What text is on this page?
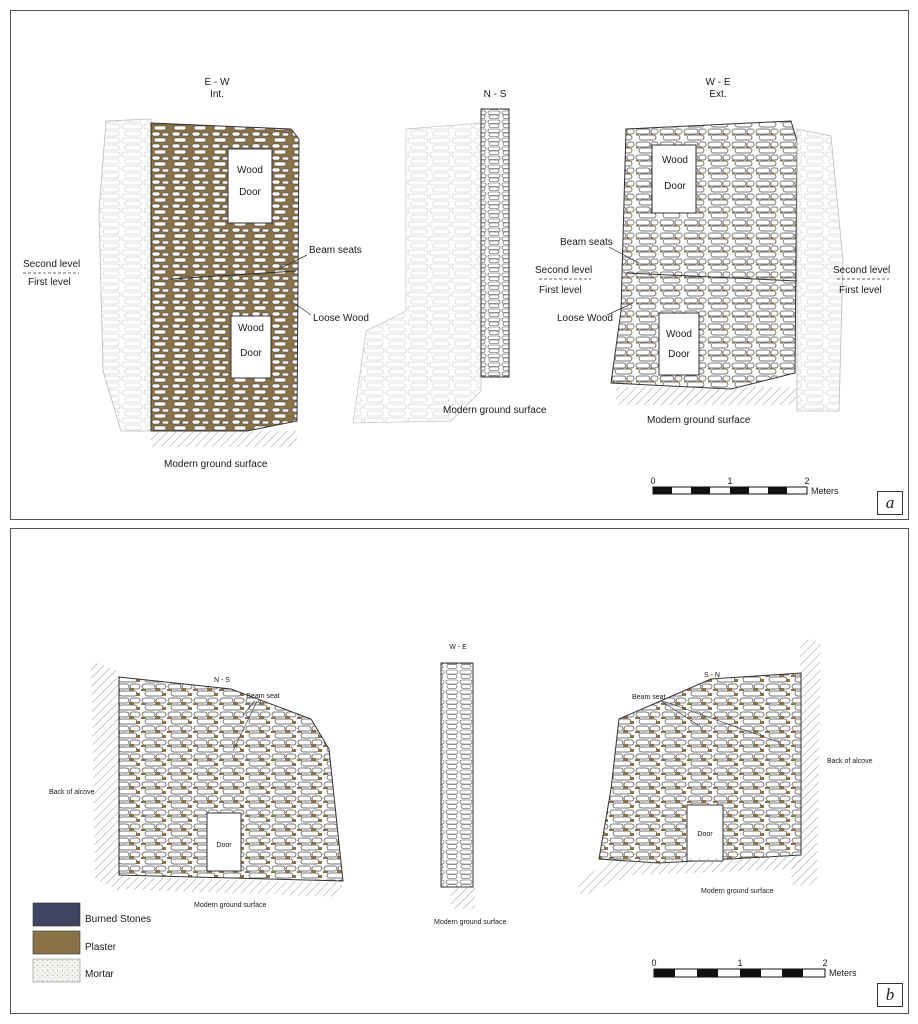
E - W
Int.	N - S
W - E
Ext.
Wood
Door
Wood
Door
Beam seats
Loose Wood
Second level
First level
Modern ground surface
Modern ground surface
Wood
Door
Wood
Door
Beam seats
Second level
First level
Loose Wood
Second level
First level
Modern ground surface
0	1	2
Meters
a
N - S
Beam seat
Door
Back of alcove
Modern ground surface
W - E
Modern ground surface
S - N
Beam seat
Door
Back of alcove
Modern ground surface
Burned Stones
Plaster
Mortar
0	1	2
Meters
b
